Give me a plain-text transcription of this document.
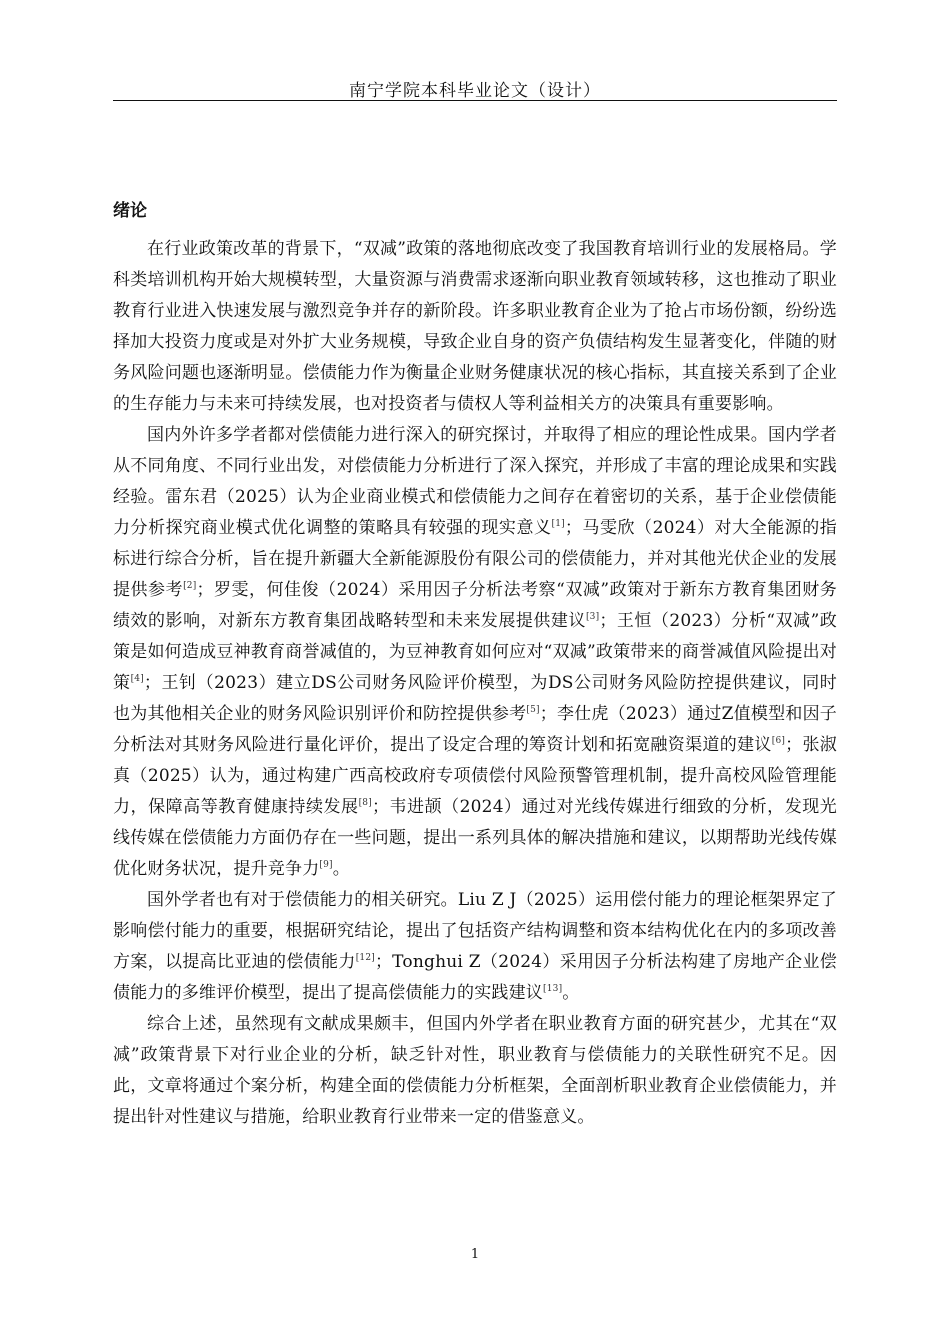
南宁学院本科毕业论文（设计）
绪论

在行业政策改革的背景下，“双减”政策的落地彻底改变了我国教育培训行业的发展格局。学科类培训机构开始大规模转型，大量资源与消费需求逐渐向职业教育领域转移，这也推动了职业教育行业进入快速发展与激烈竞争并存的新阶段。许多职业教育企业为了抢占市场份额，纷纷选择加大投资力度或是对外扩大业务规模，导致企业自身的资产负债结构发生显著变化，伴随的财务风险问题也逐渐明显。偿债能力作为衡量企业财务健康状况的核心指标，其直接关系到了企业的生存能力与未来可持续发展，也对投资者与债权人等利益相关方的决策具有重要影响。

国内外许多学者都对偿债能力进行深入的研究探讨，并取得了相应的理论性成果。国内学者从不同角度、不同行业出发，对偿债能力分析进行了深入探究，并形成了丰富的理论成果和实践经验。雷东君（2025）认为企业商业模式和偿债能力之间存在着密切的关系，基于企业偿债能力分析探究商业模式优化调整的策略具有较强的现实意义[1]；马雯欣（2024）对大全能源的指标进行综合分析，旨在提升新疆大全新能源股份有限公司的偿债能力，并对其他光伏企业的发展提供参考[2]；罗雯，何佳俊（2024）采用因子分析法考察“双减”政策对于新东方教育集团财务绩效的影响，对新东方教育集团战略转型和未来发展提供建议[3]；王恒（2023）分析“双减”政策是如何造成豆神教育商誉减值的，为豆神教育如何应对“双减”政策带来的商誉减值风险提出对策[4]；王钊（2023）建立DS公司财务风险评价模型，为DS公司财务风险防控提供建议，同时也为其他相关企业的财务风险识别评价和防控提供参考[5]；李仕虎（2023）通过Z值模型和因子分析法对其财务风险进行量化评价，提出了设定合理的筹资计划和拓宽融资渠道的建议[6]；张淑真（2025）认为，通过构建广西高校政府专项债偿付风险预警管理机制，提升高校风险管理能力，保障高等教育健康持续发展[8]；韦进颉（2024）通过对光线传媒进行细致的分析，发现光线传媒在偿债能力方面仍存在一些问题，提出一系列具体的解决措施和建议，以期帮助光线传媒优化财务状况，提升竞争力[9]。

国外学者也有对于偿债能力的相关研究。Liu Z J（2025）运用偿付能力的理论框架界定了影响偿付能力的重要，根据研究结论，提出了包括资产结构调整和资本结构优化在内的多项改善方案，以提高比亚迪的偿债能力[12]；Tonghui Z（2024）采用因子分析法构建了房地产企业偿债能力的多维评价模型，提出了提高偿债能力的实践建议[13]。

综合上述，虽然现有文献成果颇丰，但国内外学者在职业教育方面的研究甚少，尤其在“双减”政策背景下对行业企业的分析，缺乏针对性，职业教育与偿债能力的关联性研究不足。因此，文章将通过个案分析，构建全面的偿债能力分析框架，全面剖析职业教育企业偿债能力，并提出针对性建议与措施，给职业教育行业带来一定的借鉴意义。

1
